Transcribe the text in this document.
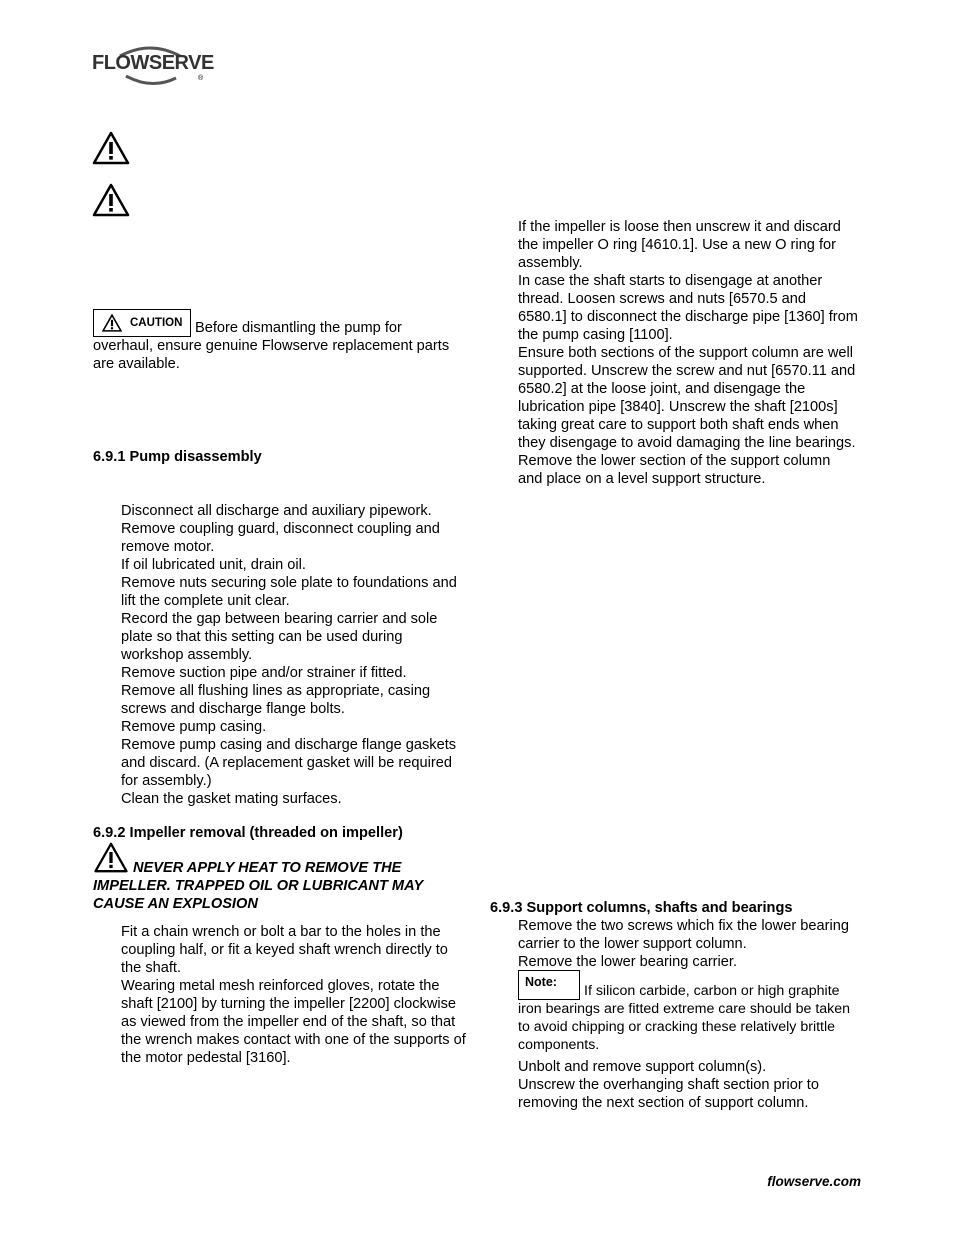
FLOWSERVE
®
CAUTION Before dismantling the pump for overhaul, ensure genuine Flowserve replacement parts are available.
6.9.1 Pump disassembly

Disconnect all discharge and auxiliary pipework.

Remove coupling guard, disconnect coupling and remove motor.

If oil lubricated unit, drain oil.

Remove nuts securing sole plate to foundations and lift the complete unit clear.

Record the gap between bearing carrier and sole plate so that this setting can be used during workshop assembly.

Remove suction pipe and/or strainer if fitted.

Remove all flushing lines as appropriate, casing screws and discharge flange bolts.

Remove pump casing.

Remove pump casing and discharge flange gaskets and discard. (A replacement gasket will be required for assembly.)

Clean the gasket mating surfaces.

6.9.2 Impeller removal (threaded on impeller)
NEVER APPLY HEAT TO REMOVE THE IMPELLER. TRAPPED OIL OR LUBRICANT MAY CAUSE AN EXPLOSION

Fit a chain wrench or bolt a bar to the holes in the coupling half, or fit a keyed shaft wrench directly to the shaft.

Wearing metal mesh reinforced gloves, rotate the shaft [2100] by turning the impeller [2200] clockwise as viewed from the impeller end of the shaft, so that the wrench makes contact with one of the supports of the motor pedestal [3160].

If the impeller is loose then unscrew it and discard the impeller O ring [4610.1]. Use a new O ring for assembly.

In case the shaft starts to disengage at another thread. Loosen screws and nuts [6570.5 and 6580.1] to disconnect the discharge pipe [1360] from the pump casing [1100].

Ensure both sections of the support column are well supported. Unscrew the screw and nut [6570.11 and 6580.2] at the loose joint, and disengage the lubrication pipe [3840]. Unscrew the shaft [2100s] taking great care to support both shaft ends when they disengage to avoid damaging the line bearings.

Remove the lower section of the support column and place on a level support structure.

6.9.3 Support columns, shafts and bearings

Remove the two screws which fix the lower bearing carrier to the lower support column.

Remove the lower bearing carrier.

Note:
If silicon carbide, carbon or high graphite iron bearings are fitted extreme care should be taken to avoid chipping or cracking these relatively brittle components.

Unbolt and remove support column(s).

Unscrew the overhanging shaft section prior to removing the next section of support column.

flowserve.com
